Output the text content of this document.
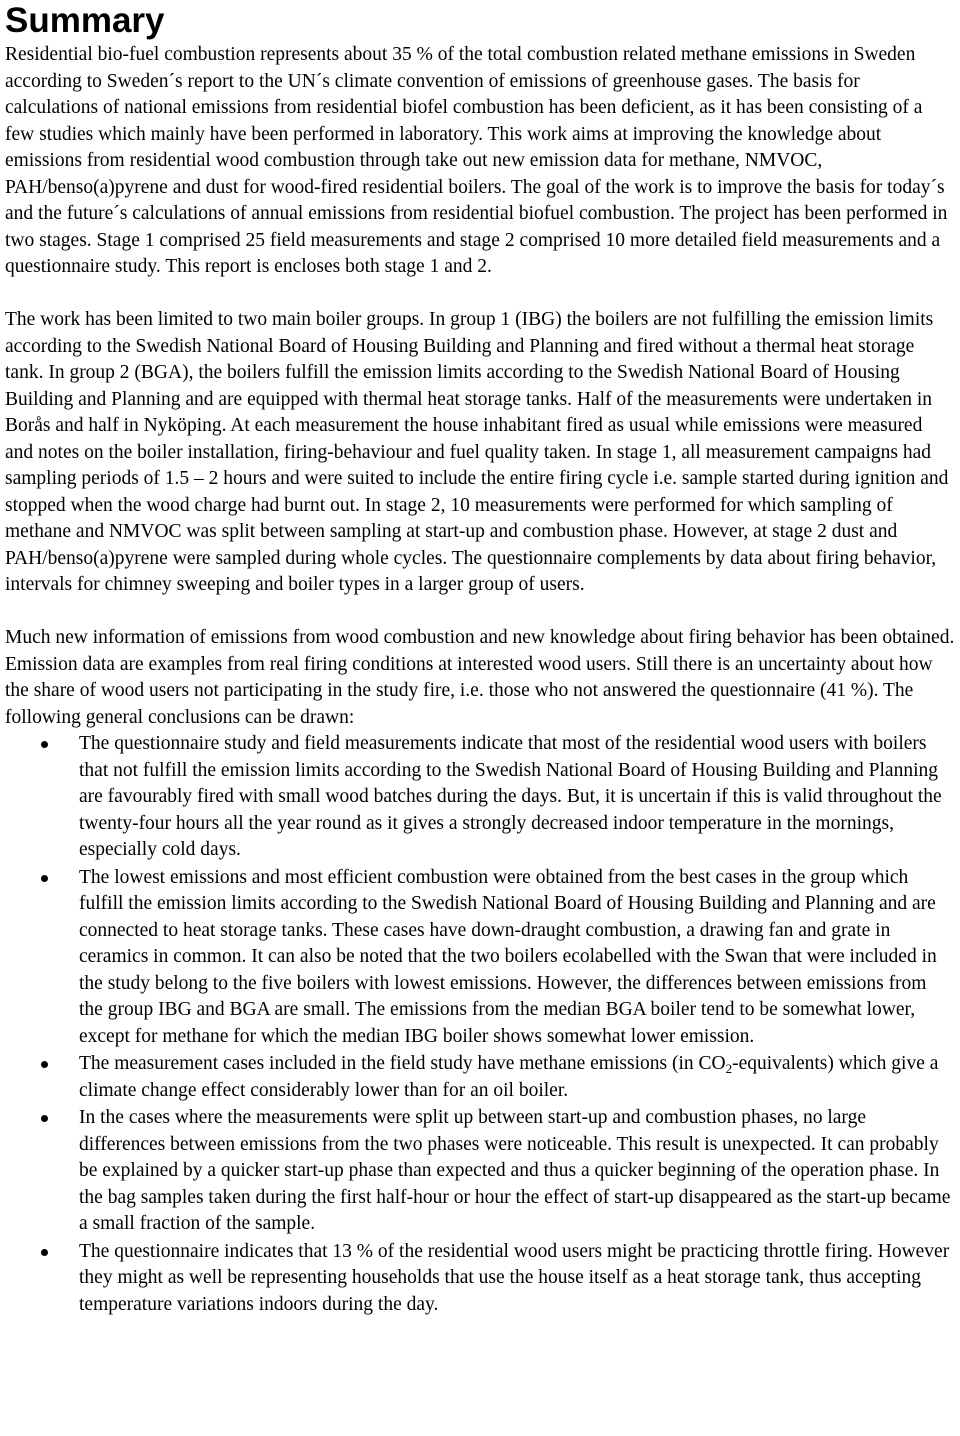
Summary

Residential bio-fuel combustion represents about 35 % of the total combustion related methane emissions in Sweden according to Sweden´s report to the UN´s climate convention of emissions of greenhouse gases. The basis for calculations of national emissions from residential biofel combustion has been deficient, as it has been consisting of a few studies which mainly have been performed in laboratory. This work aims at improving the knowledge about emissions from residential wood combustion through take out new emission data for methane, NMVOC, PAH/benso(a)pyrene and dust for wood-fired residential boilers. The goal of the work is to improve the basis for today´s and the future´s calculations of annual emissions from residential biofuel combustion. The project has been performed in two stages. Stage 1 comprised 25 field measurements and stage 2 comprised 10 more detailed field measurements and a questionnaire study. This report is encloses both stage 1 and 2.

The work has been limited to two main boiler groups. In group 1 (IBG) the boilers are not fulfilling the emission limits according to the Swedish National Board of Housing Building and Planning and fired without a thermal heat storage tank. In group 2 (BGA), the boilers fulfill the emission limits according to the Swedish National Board of Housing Building and Planning and are equipped with thermal heat storage tanks. Half of the measurements were undertaken in Borås and half in Nyköping. At each measurement the house inhabitant fired as usual while emissions were measured and notes on the boiler installation, firing-behaviour and fuel quality taken. In stage 1, all measurement campaigns had sampling periods of 1.5 – 2 hours and were suited to include the entire firing cycle i.e. sample started during ignition and stopped when the wood charge had burnt out. In stage 2, 10 measurements were performed for which sampling of methane and NMVOC was split between sampling at start-up and combustion phase. However, at stage 2 dust and PAH/benso(a)pyrene were sampled during whole cycles. The questionnaire complements by data about firing behavior, intervals for chimney sweeping and boiler types in a larger group of users.

Much new information of emissions from wood combustion and new knowledge about firing behavior has been obtained. Emission data are examples from real firing conditions at interested wood users. Still there is an uncertainty about how the share of wood users not participating in the study fire, i.e. those who not answered the questionnaire (41 %). The following general conclusions can be drawn:

The questionnaire study and field measurements indicate that most of the residential wood users with boilers that not fulfill the emission limits according to the Swedish National Board of Housing Building and Planning are favourably fired with small wood batches during the days. But, it is uncertain if this is valid throughout the twenty-four hours all the year round as it gives a strongly decreased indoor temperature in the mornings, especially cold days.
The lowest emissions and most efficient combustion were obtained from the best cases in the group which fulfill the emission limits according to the Swedish National Board of Housing Building and Planning and are connected to heat storage tanks. These cases have down-draught combustion, a drawing fan and grate in ceramics in common. It can also be noted that the two boilers ecolabelled with the Swan that were included in the study belong to the five boilers with lowest emissions. However, the differences between emissions from the group IBG and BGA are small. The emissions from the median BGA boiler tend to be somewhat lower, except for methane for which the median IBG boiler shows somewhat lower emission.
The measurement cases included in the field study have methane emissions (in $CO_2-equivalents$) which give a climate change effect considerably lower than for an oil boiler.
In the cases where the measurements were split up between start-up and combustion phases, no large differences between emissions from the two phases were noticeable. This result is unexpected. It can probably be explained by a quicker start-up phase than expected and thus a quicker beginning of the operation phase. In the bag samples taken during the first half-hour or hour the effect of start-up disappeared as the start-up became a small fraction of the sample.
The questionnaire indicates that 13 % of the residential wood users might be practicing throttle firing. However they might as well be representing households that use the house itself as a heat storage tank, thus accepting temperature variations indoors during the day.
